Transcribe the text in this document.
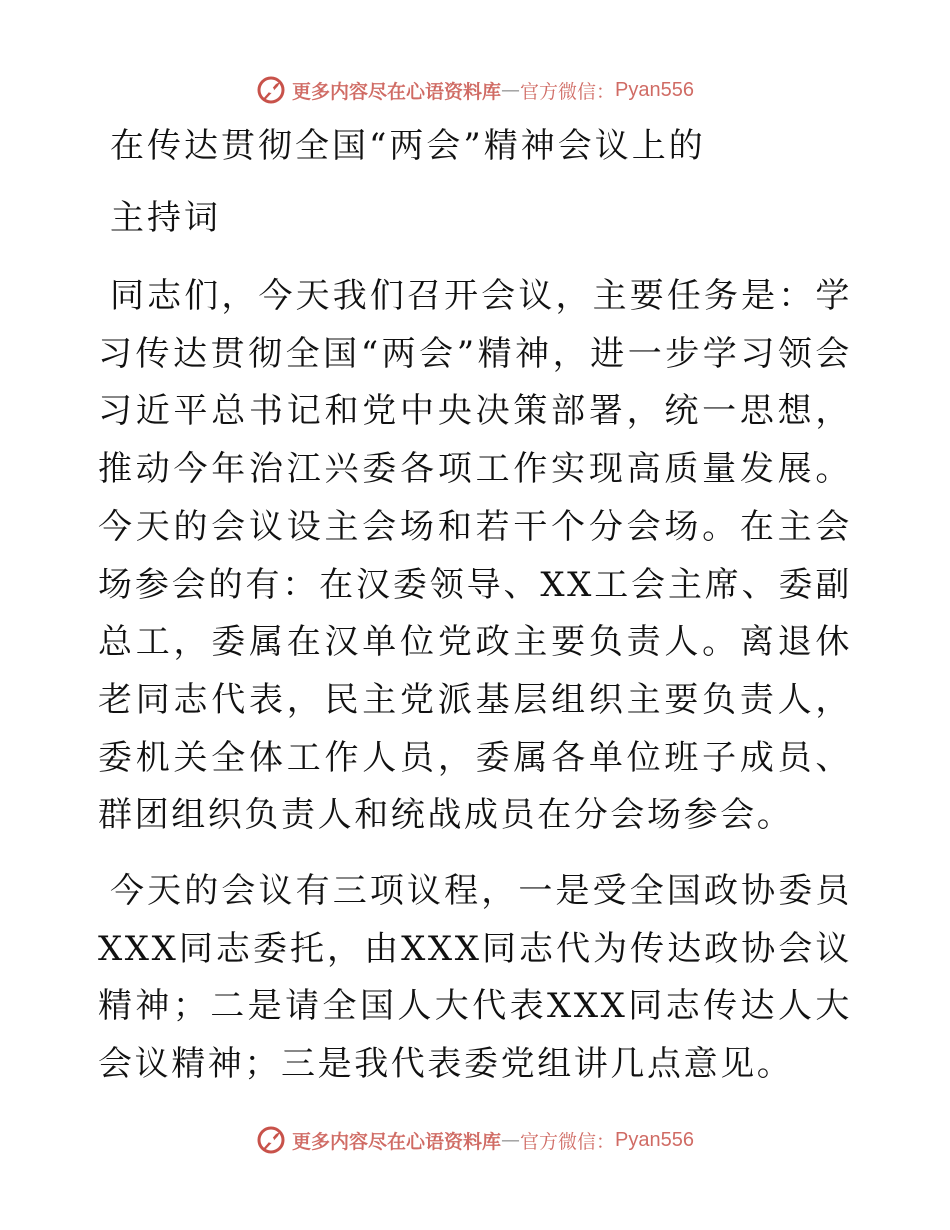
更多内容尽在心语资料库 — 官方微信： Pyan556
在传达贯彻全国“两会”精神会议上的
主持词

同志们，今天我们召开会议，主要任务是：学习传达贯彻全国“两会”精神，进一步学习领会习近平总书记和党中央决策部署，统一思想，推动今年治江兴委各项工作实现高质量发展。今天的会议设主会场和若干个分会场。在主会场参会的有：在汉委领导、XX工会主席、委副总工，委属在汉单位党政主要负责人。离退休老同志代表，民主党派基层组织主要负责人，委机关全体工作人员，委属各单位班子成员、群团组织负责人和统战成员在分会场参会。

今天的会议有三项议程，一是受全国政协委员XXX同志委托，由XXX同志代为传达政协会议精神；二是请全国人大代表XXX同志传达人大会议精神；三是我代表委党组讲几点意见。

更多内容尽在心语资料库 — 官方微信： Pyan556
